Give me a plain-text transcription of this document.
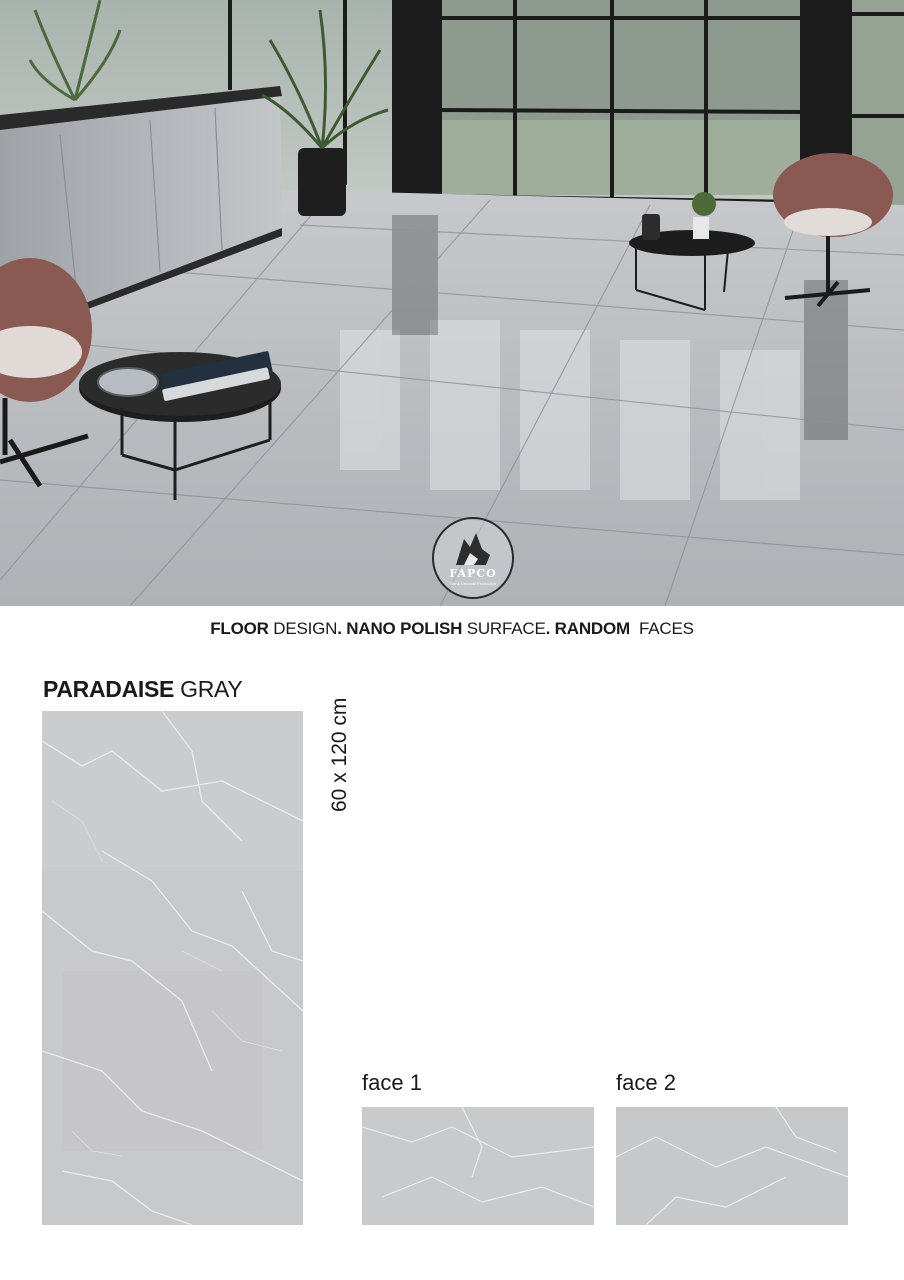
FAPCO
Tile & Ceramic Production
FLOOR DESIGN. NANO POLISH SURFACE. RANDOM FACES
PARADAISE GRAY
60 x 120 cm
face 1	face 2
